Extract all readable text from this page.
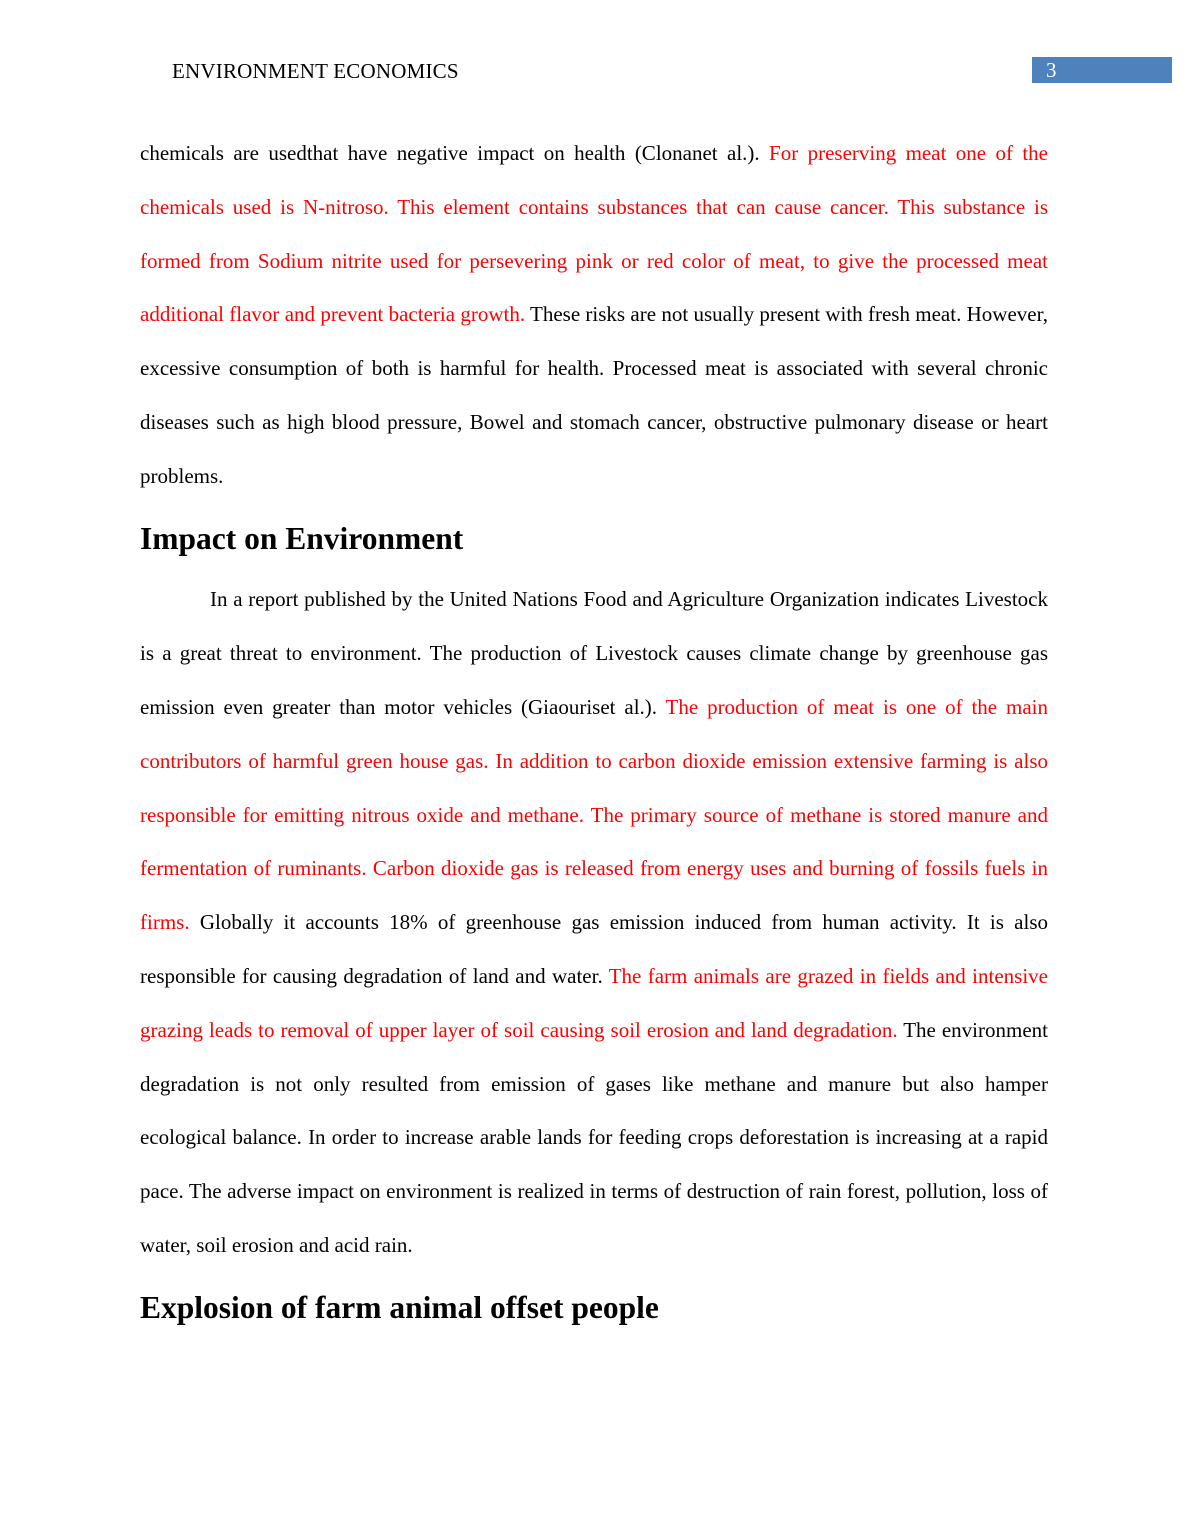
ENVIRONMENT ECONOMICS	3

chemicals are usedthat have negative impact on health (Clonanet al.). For preserving meat one of the chemicals used is N-nitroso. This element contains substances that can cause cancer. This substance is formed from Sodium nitrite used for persevering pink or red color of meat, to give the processed meat additional flavor and prevent bacteria growth. These risks are not usually present with fresh meat. However, excessive consumption of both is harmful for health. Processed meat is associated with several chronic diseases such as high blood pressure, Bowel and stomach cancer, obstructive pulmonary disease or heart problems.

Impact on Environment

In a report published by the United Nations Food and Agriculture Organization indicates Livestock is a great threat to environment. The production of Livestock causes climate change by greenhouse gas emission even greater than motor vehicles (Giaouriset al.). The production of meat is one of the main contributors of harmful green house gas. In addition to carbon dioxide emission extensive farming is also responsible for emitting nitrous oxide and methane. The primary source of methane is stored manure and fermentation of ruminants. Carbon dioxide gas is released from energy uses and burning of fossils fuels in firms. Globally it accounts 18% of greenhouse gas emission induced from human activity. It is also responsible for causing degradation of land and water. The farm animals are grazed in fields and intensive grazing leads to removal of upper layer of soil causing soil erosion and land degradation. The environment degradation is not only resulted from emission of gases like methane and manure but also hamper ecological balance. In order to increase arable lands for feeding crops deforestation is increasing at a rapid pace. The adverse impact on environment is realized in terms of destruction of rain forest, pollution, loss of water, soil erosion and acid rain.

Explosion of farm animal offset people
